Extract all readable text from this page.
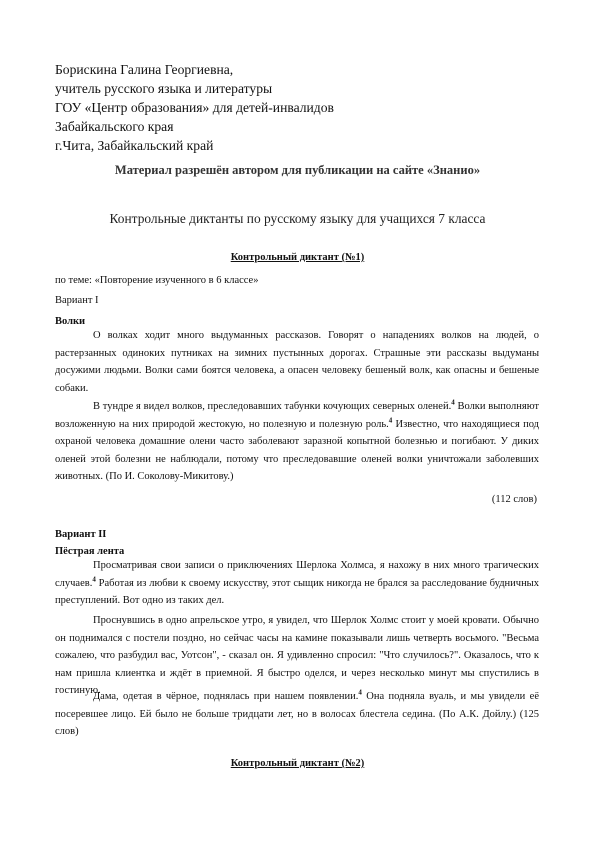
Борискина Галина Георгиевна,
учитель русского языка и литературы
ГОУ «Центр образования» для детей-инвалидов
Забайкальского края
г.Чита, Забайкальский край
Материал разрешён автором для публикации на сайте «Знанио»
Контрольные диктанты по русскому языку для учащихся 7 класса
Контрольный диктант (№1)
по теме: «Повторение изученного в 6 классе»
Вариант I
Волки
О волках ходит много выдуманных рассказов. Говорят о нападениях волков на людей, о растерзанных одиноких путниках на зимних пустынных дорогах. Страшные эти рассказы выдуманы досужими людьми. Волки сами боятся человека, а опасен человеку бешеный волк, как опасны и бешеные собаки.
В тундре я видел волков, преследовавших табунки кочующих северных оленей.$^4$ Волки выполняют возложенную на них природой жестокую, но полезную и полезную роль.$^4$ Известно, что находящиеся под охраной человека домашние олени часто заболевают заразной копытной болезнью и погибают. У диких оленей этой болезни не наблюдали, потому что преследовавшие оленей волки уничтожали заболевших животных. (По И. Соколову-Микитову.)
(112 слов)
Вариант II
Пёстрая лента
Просматривая свои записи о приключениях Шерлока Холмса, я нахожу в них много трагических случаев.$^4$ Работая из любви к своему искусству, этот сыщик никогда не брался за расследование будничных преступлений. Вот одно из таких дел.
Проснувшись в одно апрельское утро, я увидел, что Шерлок Холмс стоит у моей кровати. Обычно он поднимался с постели поздно, но сейчас часы на камине показывали лишь четверть восьмого. "Весьма сожалею, что разбудил вас, Уотсон", - сказал он. Я удивленно спросил: "Что случилось?". Оказалось, что к нам пришла клиентка и ждёт в приемной. Я быстро оделся, и через несколько минут мы спустились в гостиную.
Дама, одетая в чёрное, поднялась при нашем появлении.$^4$ Она подняла вуаль, и мы увидели её посеревшее лицо. Ей было не больше тридцати лет, но в волосах блестела седина. (По А.К. Дойлу.) (125 слов)
Контрольный диктант (№2)
